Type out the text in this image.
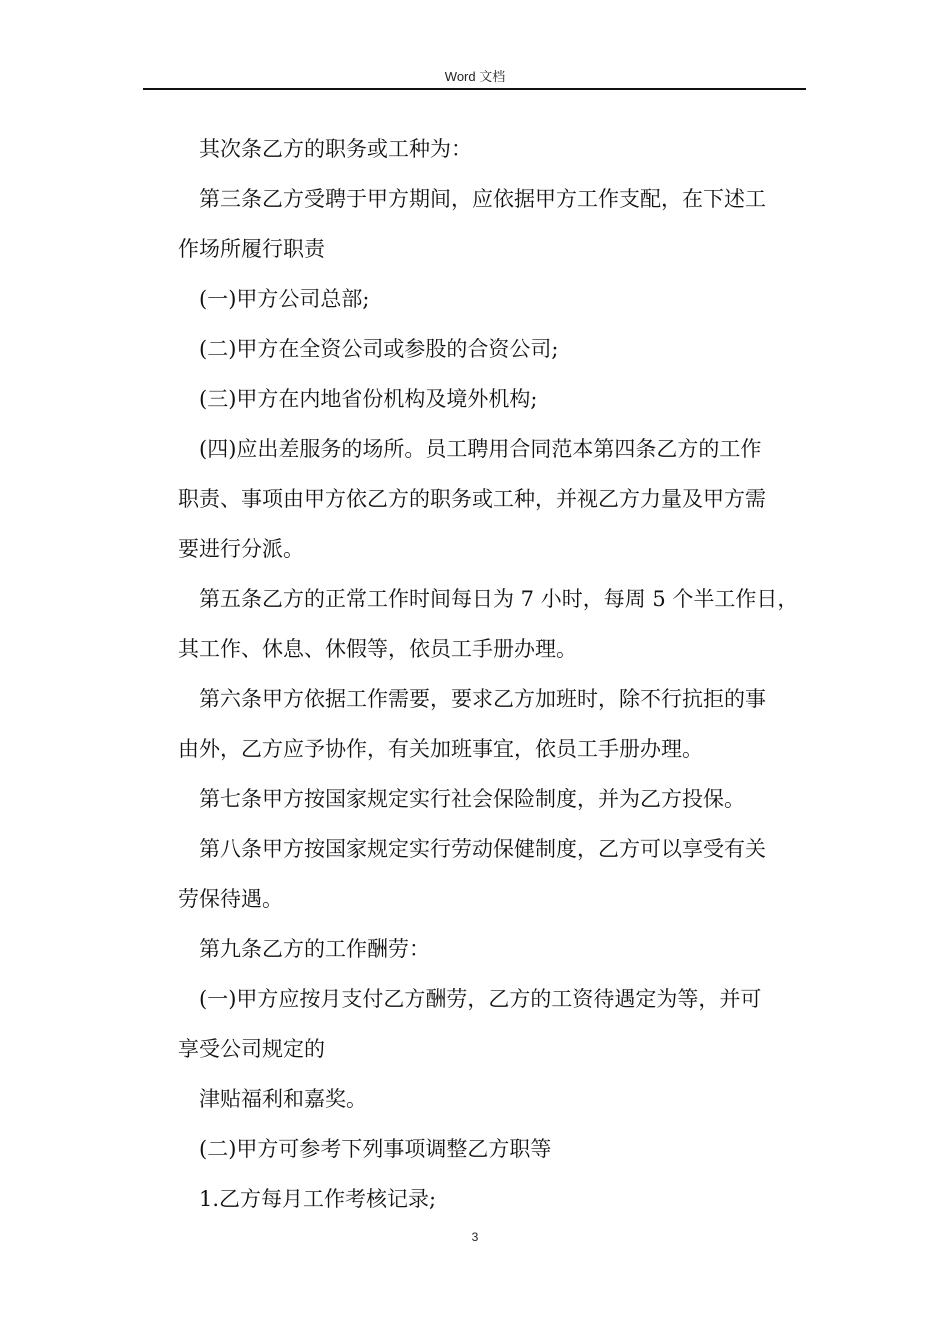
Word 文档

其次条乙方的职务或工种为：

第三条乙方受聘于甲方期间，应依据甲方工作支配，在下述工

作场所履行职责

(一)甲方公司总部;

(二)甲方在全资公司或参股的合资公司;

(三)甲方在内地省份机构及境外机构;

(四)应出差服务的场所。员工聘用合同范本第四条乙方的工作

职责、事项由甲方依乙方的职务或工种，并视乙方力量及甲方需

要进行分派。

第五条乙方的正常工作时间每日为 7 小时，每周 5 个半工作日，

其工作、休息、休假等，依员工手册办理。

第六条甲方依据工作需要，要求乙方加班时，除不行抗拒的事

由外，乙方应予协作，有关加班事宜，依员工手册办理。

第七条甲方按国家规定实行社会保险制度，并为乙方投保。

第八条甲方按国家规定实行劳动保健制度，乙方可以享受有关

劳保待遇。

第九条乙方的工作酬劳：

(一)甲方应按月支付乙方酬劳，乙方的工资待遇定为等，并可

享受公司规定的

津贴福利和嘉奖。

(二)甲方可参考下列事项调整乙方职等

1.乙方每月工作考核记录;

3
